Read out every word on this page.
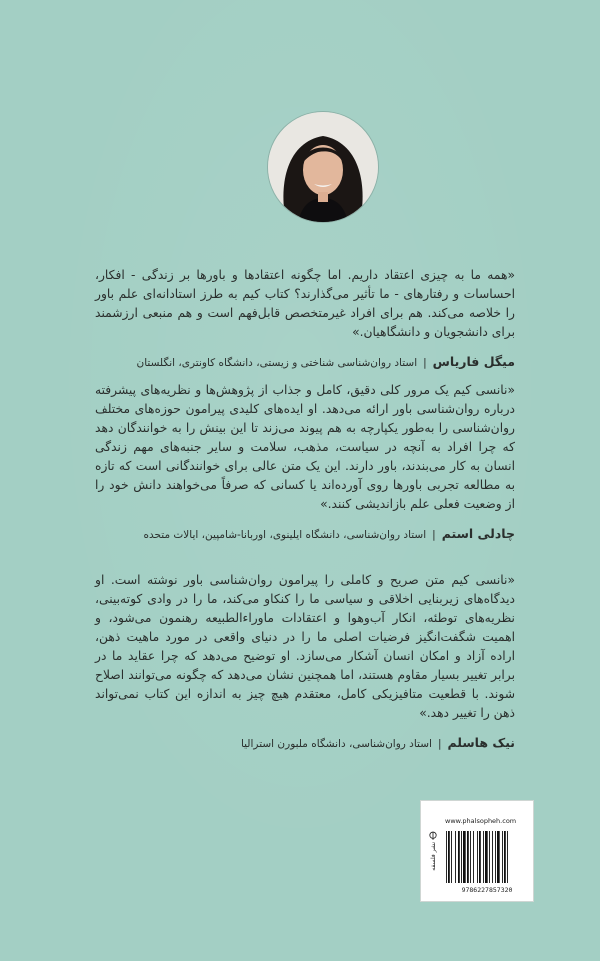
«همه ما به چیزی اعتقاد داریم. اما چگونه اعتقادها و باورها بر زندگی - افکار، احساسات و رفتارهای - ما تأثیر می‌گذارند؟ کتاب کیم به طرز استادانه‌ای علم باور را خلاصه می‌کند. هم برای افراد غیرمتخصص قابل‌فهم است و هم منبعی ارزشمند برای دانشجویان و دانشگاهیان.»

میگل فاریاس|استاد روان‌شناسی شناختی و زیستی، دانشگاه کاونتری، انگلستان

«نانسی کیم یک مرور کلی دقیق، کامل و جذاب از پژوهش‌ها و نظریه‌های پیشرفته درباره روان‌شناسی باور ارائه می‌دهد. او ایده‌های کلیدی پیرامون حوزه‌های مختلف روان‌شناسی را به‌طور یکپارچه به هم پیوند می‌زند تا این بینش را به خوانندگان دهد که چرا افراد به آنچه در سیاست، مذهب، سلامت و سایر جنبه‌های مهم زندگی انسان به کار می‌بندند، باور دارند. این یک متن عالی برای خوانندگانی است که تازه به مطالعه تجربی باورها روی آورده‌اند یا کسانی که صرفاً می‌خواهند دانش خود را از وضعیت فعلی علم بازاندیشی کنند.»

چادلی استم|استاد روان‌شناسی، دانشگاه ایلینوی، اوربانا-شامپین، ایالات متحده

«نانسی کیم متن صریح و کاملی را پیرامون روان‌شناسی باور نوشته است. او دیدگاه‌های زیربنایی اخلاقی و سیاسی ما را کنکاو می‌کند، ما را در وادی کوته‌بینی، نظریه‌های توطئه، انکار آب‌وهوا و اعتقادات ماوراءالطبیعه رهنمون می‌شود، و اهمیت شگفت‌انگیز فرضیات اصلی ما را در دنیای واقعی در مورد ماهیت ذهن، اراده آزاد و امکان انسان آشکار می‌سازد. او توضیح می‌دهد که چرا عقاید ما در برابر تغییر بسیار مقاوم هستند، اما همچنین نشان می‌دهد که چگونه می‌توانند اصلاح شوند. با قطعیت متافیزیکی کامل، معتقدم هیچ چیز به اندازه این کتاب نمی‌تواند ذهن را تغییر دهد.»

نیک هاسلم|استاد روان‌شناسی، دانشگاه ملبورن استرالیا
نشر فلسفه
www.phalsopheh.com
9786227857320
